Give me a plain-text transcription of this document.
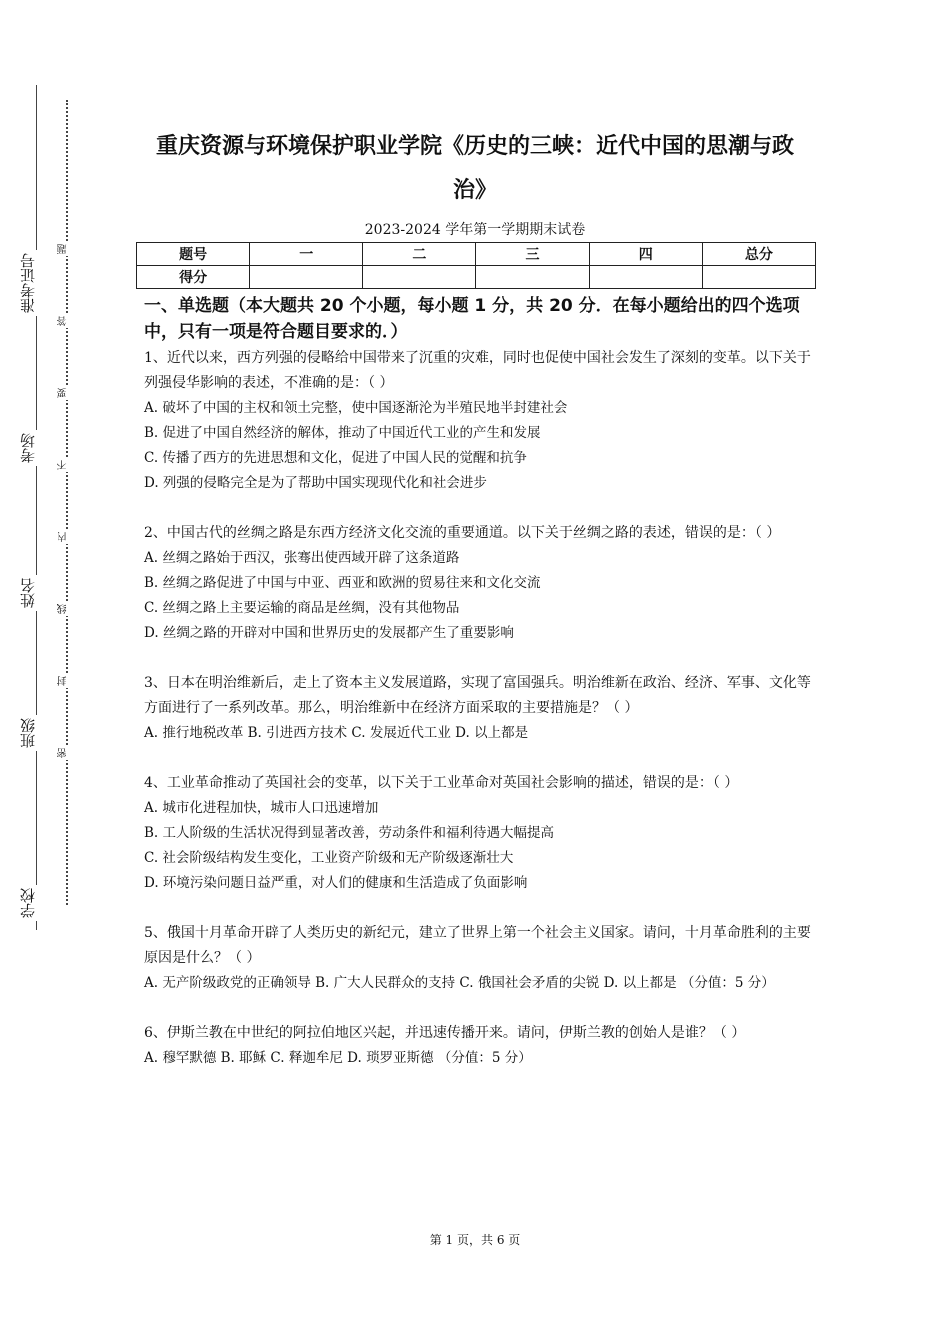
准考证号
考场
姓名
班级
学校
题
答
要
不
内
线
封
密
重庆资源与环境保护职业学院《历史的三峡：近代中国的思潮与政治》
2023-2024 学年第一学期期末试卷
题号	一	二	三	四	总分
得分					
一、单选题（本大题共 20 个小题，每小题 1 分，共 20 分．在每小题给出的四个选项中，只有一项是符合题目要求的．）

1、近代以来，西方列强的侵略给中国带来了沉重的灾难，同时也促使中国社会发生了深刻的变革。以下关于列强侵华影响的表述，不准确的是：（ ）

A. 破坏了中国的主权和领土完整，使中国逐渐沦为半殖民地半封建社会

B. 促进了中国自然经济的解体，推动了中国近代工业的产生和发展

C. 传播了西方的先进思想和文化，促进了中国人民的觉醒和抗争

D. 列强的侵略完全是为了帮助中国实现现代化和社会进步

2、中国古代的丝绸之路是东西方经济文化交流的重要通道。以下关于丝绸之路的表述，错误的是：（ ）

A. 丝绸之路始于西汉，张骞出使西域开辟了这条道路

B. 丝绸之路促进了中国与中亚、西亚和欧洲的贸易往来和文化交流

C. 丝绸之路上主要运输的商品是丝绸，没有其他物品

D. 丝绸之路的开辟对中国和世界历史的发展都产生了重要影响

3、日本在明治维新后，走上了资本主义发展道路，实现了富国强兵。明治维新在政治、经济、军事、文化等方面进行了一系列改革。那么，明治维新中在经济方面采取的主要措施是？（ ）

A. 推行地税改革 B. 引进西方技术 C. 发展近代工业 D. 以上都是

4、工业革命推动了英国社会的变革，以下关于工业革命对英国社会影响的描述，错误的是：（ ）

A. 城市化进程加快，城市人口迅速增加

B. 工人阶级的生活状况得到显著改善，劳动条件和福利待遇大幅提高

C. 社会阶级结构发生变化，工业资产阶级和无产阶级逐渐壮大

D. 环境污染问题日益严重，对人们的健康和生活造成了负面影响

5、俄国十月革命开辟了人类历史的新纪元，建立了世界上第一个社会主义国家。请问，十月革命胜利的主要原因是什么？（ ）

A. 无产阶级政党的正确领导 B. 广大人民群众的支持 C. 俄国社会矛盾的尖锐 D. 以上都是 （分值：5 分）

6、伊斯兰教在中世纪的阿拉伯地区兴起，并迅速传播开来。请问，伊斯兰教的创始人是谁？（ ）

A. 穆罕默德 B. 耶稣 C. 释迦牟尼 D. 琐罗亚斯德 （分值：5 分）

第 1 页，共 6 页
